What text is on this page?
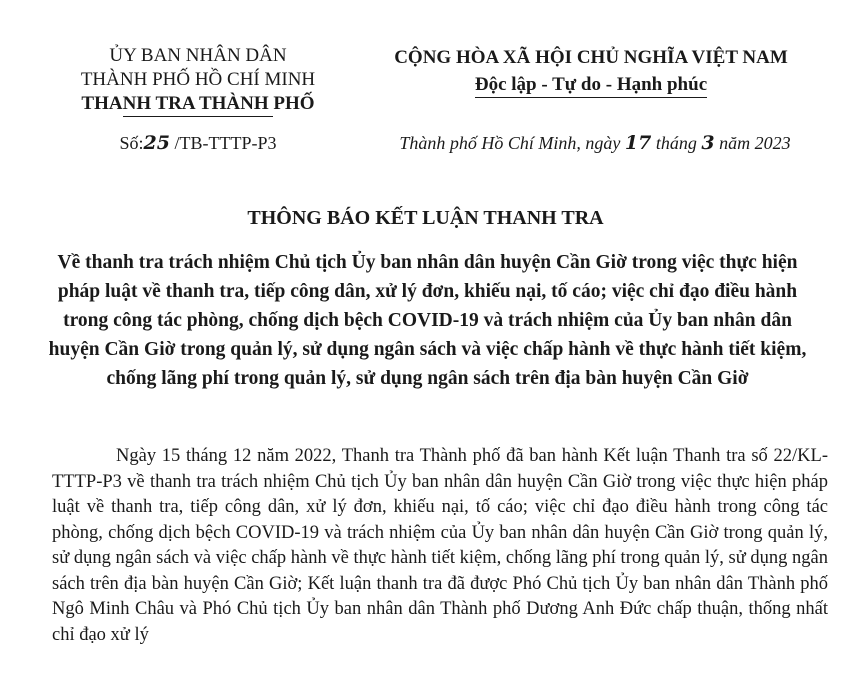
ỦY BAN NHÂN DÂN
THÀNH PHỐ HỒ CHÍ MINH
THANH TRA THÀNH PHỐ
Số:25 /TB-TTTP-P3
CỘNG HÒA XÃ HỘI CHỦ NGHĨA VIỆT NAM
Độc lập - Tự do - Hạnh phúc
Thành phố Hồ Chí Minh, ngày 17 tháng 3 năm 2023
THÔNG BÁO KẾT LUẬN THANH TRA
Về thanh tra trách nhiệm Chủ tịch Ủy ban nhân dân huyện Cần Giờ trong việc thực hiện pháp luật về thanh tra, tiếp công dân, xử lý đơn, khiếu nại, tố cáo; việc chỉ đạo điều hành trong công tác phòng, chống dịch bệch COVID-19 và trách nhiệm của Ủy ban nhân dân huyện Cần Giờ trong quản lý, sử dụng ngân sách và việc chấp hành về thực hành tiết kiệm, chống lãng phí trong quản lý, sử dụng ngân sách trên địa bàn huyện Cần Giờ
Ngày 15 tháng 12 năm 2022, Thanh tra Thành phố đã ban hành Kết luận Thanh tra số 22/KL-TTTP-P3 về thanh tra trách nhiệm Chủ tịch Ủy ban nhân dân huyện Cần Giờ trong việc thực hiện pháp luật về thanh tra, tiếp công dân, xử lý đơn, khiếu nại, tố cáo; việc chỉ đạo điều hành trong công tác phòng, chống dịch bệch COVID-19 và trách nhiệm của Ủy ban nhân dân huyện Cần Giờ trong quản lý, sử dụng ngân sách và việc chấp hành về thực hành tiết kiệm, chống lãng phí trong quản lý, sử dụng ngân sách trên địa bàn huyện Cần Giờ; Kết luận thanh tra đã được Phó Chủ tịch Ủy ban nhân dân Thành phố Ngô Minh Châu và Phó Chủ tịch Ủy ban nhân dân Thành phố Dương Anh Đức chấp thuận, thống nhất chỉ đạo xử lý
